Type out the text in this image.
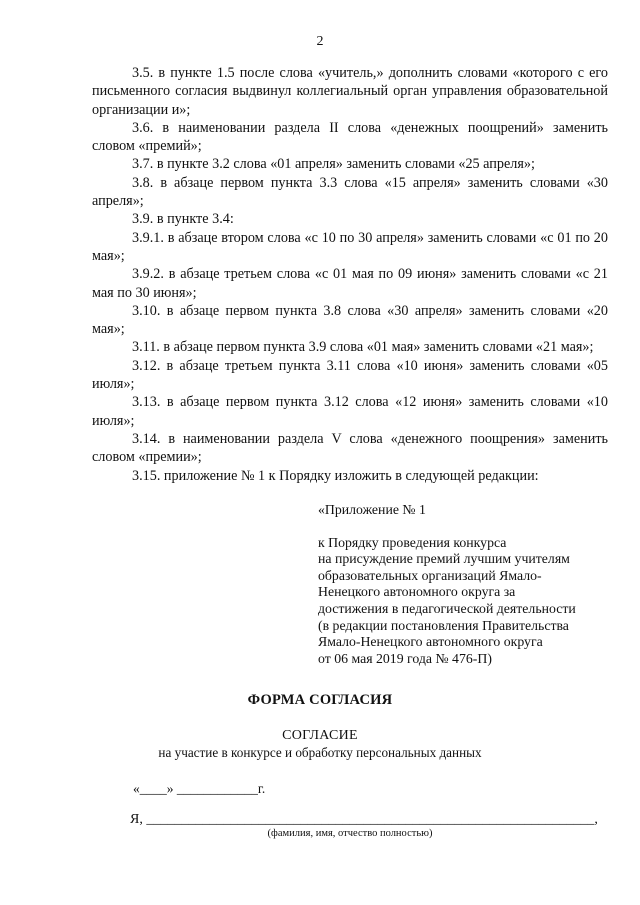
2

3.5. в пункте 1.5 после слова «учитель,» дополнить словами «которого с его письменного согласия выдвинул коллегиальный орган управления образовательной организации и»;

3.6. в наименовании раздела II слова «денежных поощрений» заменить словом «премий»;

3.7. в пункте 3.2 слова «01 апреля» заменить словами «25 апреля»;

3.8. в абзаце первом пункта 3.3 слова «15 апреля» заменить словами «30 апреля»;

3.9. в пункте 3.4:

3.9.1. в абзаце втором слова «с 10 по 30 апреля» заменить словами «с 01 по 20 мая»;

3.9.2. в абзаце третьем слова «с 01 мая по 09 июня» заменить словами «с 21 мая по 30 июня»;

3.10. в абзаце первом пункта 3.8 слова «30 апреля» заменить словами «20 мая»;

3.11. в абзаце первом пункта 3.9 слова «01 мая» заменить словами «21 мая»;

3.12. в абзаце третьем пункта 3.11 слова «10 июня» заменить словами «05 июля»;

3.13. в абзаце первом пункта 3.12 слова «12 июня» заменить словами «10 июля»;

3.14. в наименовании раздела V слова «денежного поощрения» заменить словом «премии»;

3.15. приложение № 1 к Порядку изложить в следующей редакции:

«Приложение № 1

к Порядку проведения конкурса
на присуждение премий лучшим учителям
образовательных организаций Ямало-
Ненецкого автономного округа за
достижения в педагогической деятельности
(в редакции постановления Правительства
Ямало-Ненецкого автономного округа
от 06 мая 2019 года № 476-П)
ФОРМА СОГЛАСИЯ
СОГЛАСИЕ
на участие в конкурсе и обработку персональных данных
«____» ____________г.
Я, ________________________________________________________________,
(фамилия, имя, отчество полностью)
